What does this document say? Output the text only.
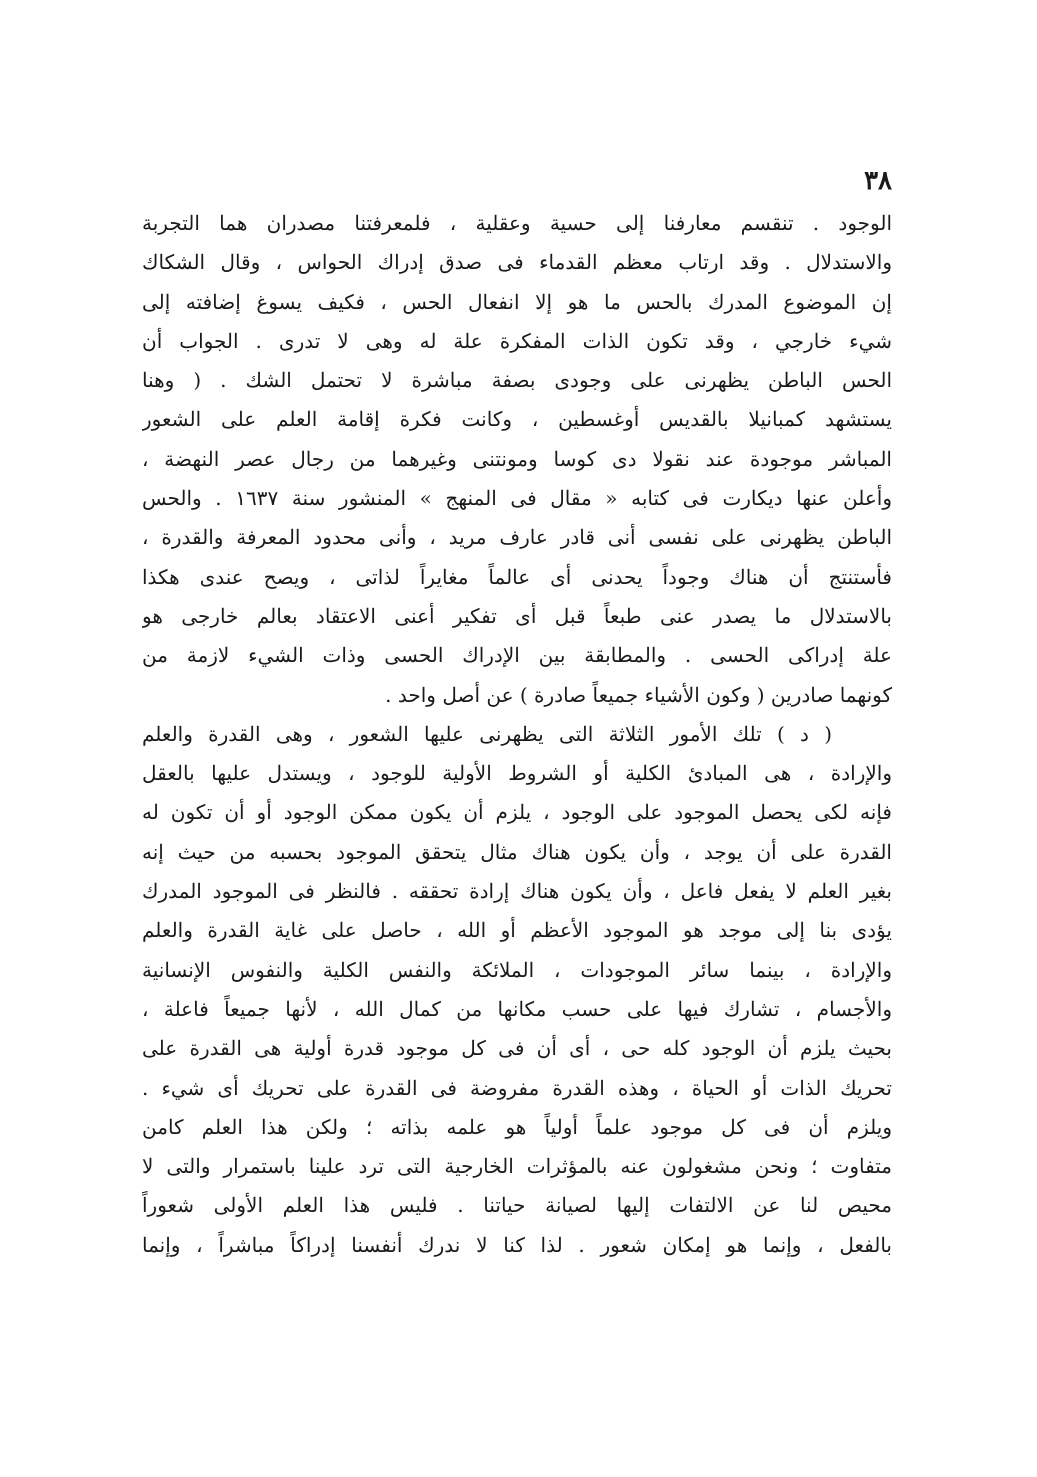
٣٨
الوجود . تنقسم معارفنا إلى حسية وعقلية ، فلمعرفتنا مصدران هما التجربة
والاستدلال . وقد ارتاب معظم القدماء فى صدق إدراك الحواس ، وقال الشكاك
إن الموضوع المدرك بالحس ما هو إلا انفعال الحس ، فكيف يسوغ إضافته إلى
شيء خارجي ، وقد تكون الذات المفكرة علة له وهى لا تدرى . الجواب أن
الحس الباطن يظهرنى على وجودى بصفة مباشرة لا تحتمل الشك . ( وهنا
يستشهد كمبانيلا بالقديس أوغسطين ، وكانت فكرة إقامة العلم على الشعور
المباشر موجودة عند نقولا دى كوسا ومونتنى وغيرهما من رجال عصر النهضة ،
وأعلن عنها ديكارت فى كتابه « مقال فى المنهج » المنشور سنة ١٦٣٧ . والحس
الباطن يظهرنى على نفسى أنى قادر عارف مريد ، وأنى محدود المعرفة والقدرة ،
فأستنتج أن هناك وجوداً يحدنى أى عالماً مغايراً لذاتى ، ويصح عندى هكذا
بالاستدلال ما يصدر عنى طبعاً قبل أى تفكير أعنى الاعتقاد بعالم خارجى هو
علة إدراكى الحسى . والمطابقة بين الإدراك الحسى وذات الشيء لازمة من
كونهما صادرين ( وكون الأشياء جميعاً صادرة ) عن أصل واحد .
( د ) تلك الأمور الثلاثة التى يظهرنى عليها الشعور ، وهى القدرة والعلم
والإرادة ، هى المبادئ الكلية أو الشروط الأولية للوجود ، ويستدل عليها بالعقل
فإنه لكى يحصل الموجود على الوجود ، يلزم أن يكون ممكن الوجود أو أن تكون له
القدرة على أن يوجد ، وأن يكون هناك مثال يتحقق الموجود بحسبه من حيث إنه
بغير العلم لا يفعل فاعل ، وأن يكون هناك إرادة تحققه . فالنظر فى الموجود المدرك
يؤدى بنا إلى موجد هو الموجود الأعظم أو الله ، حاصل على غاية القدرة والعلم
والإرادة ، بينما سائر الموجودات ، الملائكة والنفس الكلية والنفوس الإنسانية
والأجسام ، تشارك فيها على حسب مكانها من كمال الله ، لأنها جميعاً فاعلة ،
بحيث يلزم أن الوجود كله حى ، أى أن فى كل موجود قدرة أولية هى القدرة على
تحريك الذات أو الحياة ، وهذه القدرة مفروضة فى القدرة على تحريك أى شيء .
ويلزم أن فى كل موجود علماً أولياً هو علمه بذاته ؛ ولكن هذا العلم كامن
متفاوت ؛ ونحن مشغولون عنه بالمؤثرات الخارجية التى ترد علينا باستمرار والتى لا
محيص لنا عن الالتفات إليها لصيانة حياتنا . فليس هذا العلم الأولى شعوراً
بالفعل ، وإنما هو إمكان شعور . لذا كنا لا ندرك أنفسنا إدراكاً مباشراً ، وإنما
